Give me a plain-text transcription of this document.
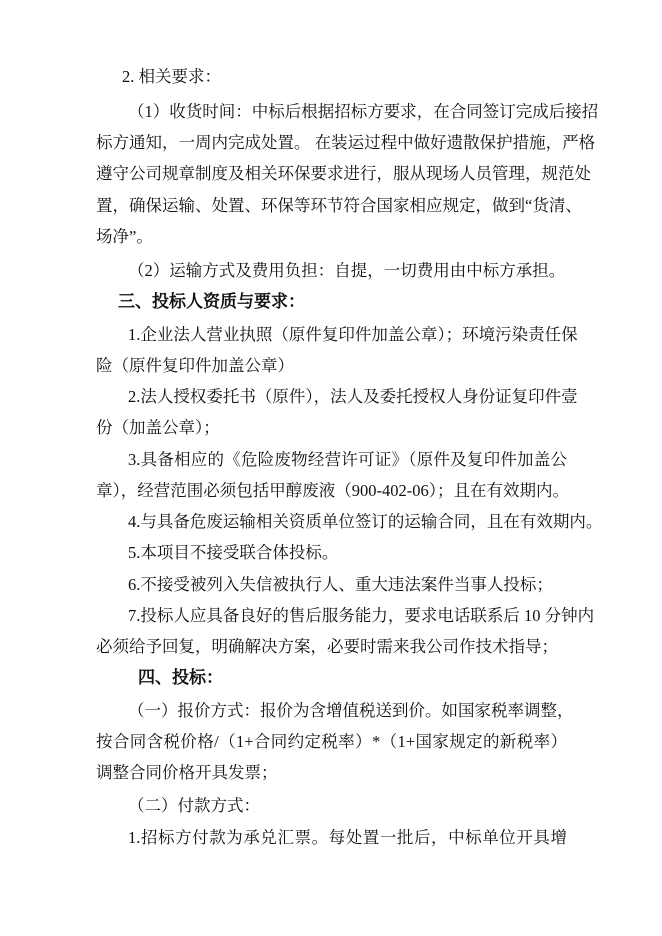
2. 相关要求：
（1）收货时间：中标后根据招标方要求，在合同签订完成后接招
标方通知，一周内完成处置。 在装运过程中做好遗散保护措施，严格
遵守公司规章制度及相关环保要求进行，服从现场人员管理，规范处
置，确保运输、处置、环保等环节符合国家相应规定，做到“货清、
场净”。
（2）运输方式及费用负担：自提，一切费用由中标方承担。
三、投标人资质与要求：
1.企业法人营业执照（原件复印件加盖公章）；环境污染责任保
险（原件复印件加盖公章）
2.法人授权委托书（原件），法人及委托授权人身份证复印件壹
份（加盖公章）；
3.具备相应的《危险废物经营许可证》（原件及复印件加盖公
章），经营范围必须包括甲醇废液（900-402-06）；且在有效期内。
4.与具备危废运输相关资质单位签订的运输合同，且在有效期内。
5.本项目不接受联合体投标。
6.不接受被列入失信被执行人、重大违法案件当事人投标；
7.投标人应具备良好的售后服务能力，要求电话联系后 10 分钟内
必须给予回复，明确解决方案，必要时需来我公司作技术指导；
四、投标：
（一）报价方式：报价为含增值税送到价。如国家税率调整，
按合同含税价格/（1+合同约定税率）*（1+国家规定的新税率）
调整合同价格开具发票；
（二）付款方式：
1.招标方付款为承兑汇票。每处置一批后，中标单位开具增
